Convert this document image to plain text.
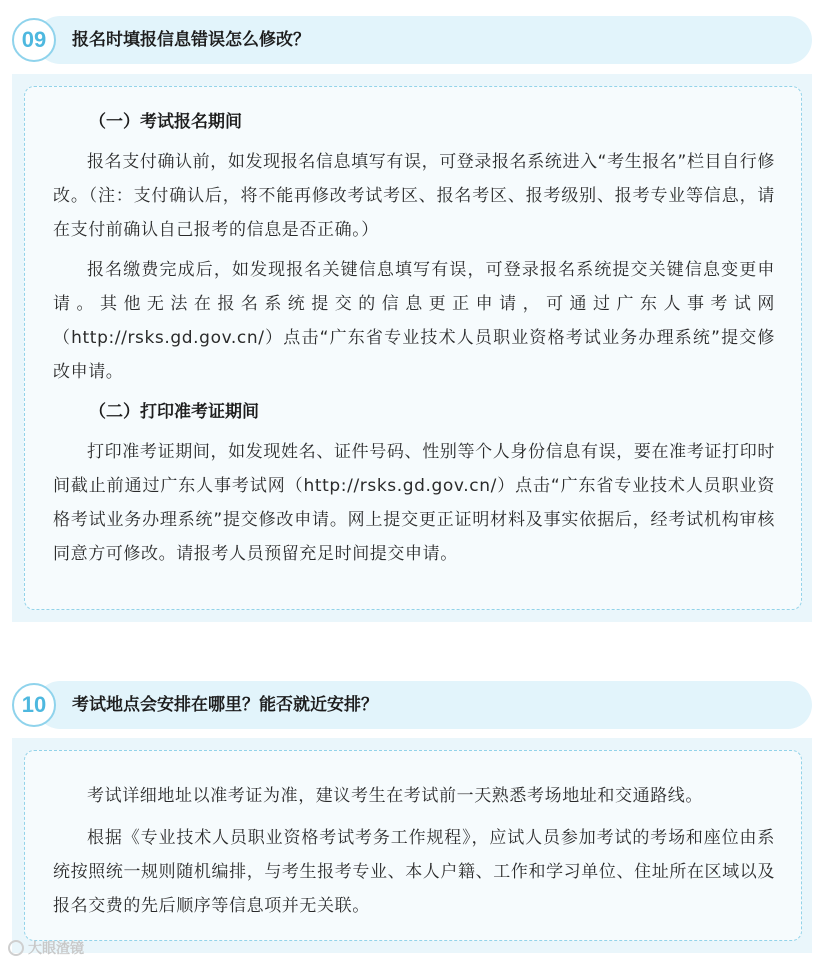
09	报名时填报信息错误怎么修改？
（一）考试报名期间

报名支付确认前，如发现报名信息填写有误，可登录报名系统进入“考生报名”栏目自行修改。（注：支付确认后，将不能再修改考试考区、报名考区、报考级别、报考专业等信息，请在支付前确认自己报考的信息是否正确。）

报名缴费完成后，如发现报名关键信息填写有误，可登录报名系统提交关键信息变更申请。其他无法在报名系统提交的信息更正申请，可通过广东人事考试网（http://rsks.gd.gov.cn/）点击“广东省专业技术人员职业资格考试业务办理系统”提交修改申请。

（二）打印准考证期间

打印准考证期间，如发现姓名、证件号码、性别等个人身份信息有误，要在准考证打印时间截止前通过广东人事考试网（http://rsks.gd.gov.cn/）点击“广东省专业技术人员职业资格考试业务办理系统”提交修改申请。网上提交更正证明材料及事实依据后，经考试机构审核同意方可修改。请报考人员预留充足时间提交申请。

10	考试地点会安排在哪里？能否就近安排？

考试详细地址以准考证为准，建议考生在考试前一天熟悉考场地址和交通路线。

根据《专业技术人员职业资格考试考务工作规程》，应试人员参加考试的考场和座位由系统按照统一规则随机编排，与考生报考专业、本人户籍、工作和学习单位、住址所在区域以及报名交费的先后顺序等信息项并无关联。

大眼渣镜
